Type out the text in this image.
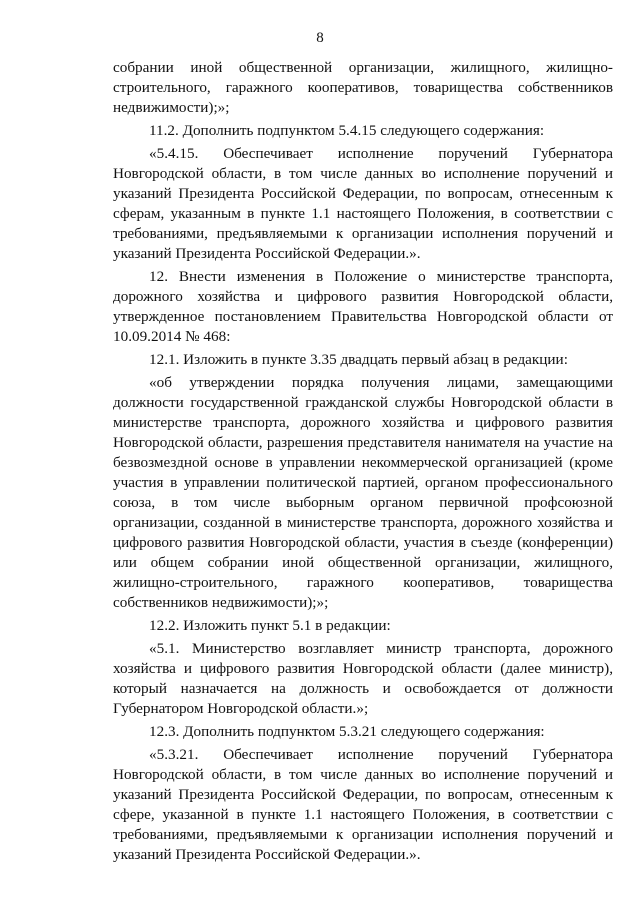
8

собрании иной общественной организации, жилищного, жилищно-строительного, гаражного кооперативов, товарищества собственников недвижимости);»;

11.2. Дополнить подпунктом 5.4.15 следующего содержания:

«5.4.15. Обеспечивает исполнение поручений Губернатора Новгородской области, в том числе данных во исполнение поручений и указаний Президента Российской Федерации, по вопросам, отнесенным к сферам, указанным в пункте 1.1 настоящего Положения, в соответствии с требованиями, предъявляемыми к организации исполнения поручений и указаний Президента Российской Федерации.».

12. Внести изменения в Положение о министерстве транспорта, дорожного хозяйства и цифрового развития Новгородской области, утвержденное постановлением Правительства Новгородской области от 10.09.2014 № 468:

12.1. Изложить в пункте 3.35 двадцать первый абзац в редакции:

«об утверждении порядка получения лицами, замещающими должности государственной гражданской службы Новгородской области в министерстве транспорта, дорожного хозяйства и цифрового развития Новгородской области, разрешения представителя нанимателя на участие на безвозмездной основе в управлении некоммерческой организацией (кроме участия в управлении политической партией, органом профессионального союза, в том числе выборным органом первичной профсоюзной организации, созданной в министерстве транспорта, дорожного хозяйства и цифрового развития Новгородской области, участия в съезде (конференции) или общем собрании иной общественной организации, жилищного, жилищно-строительного, гаражного кооперативов, товарищества собственников недвижимости);»;

12.2. Изложить пункт 5.1 в редакции:

«5.1. Министерство возглавляет министр транспорта, дорожного хозяйства и цифрового развития Новгородской области (далее министр), который назначается на должность и освобождается от должности Губернатором Новгородской области.»;

12.3. Дополнить подпунктом 5.3.21 следующего содержания:

«5.3.21. Обеспечивает исполнение поручений Губернатора Новгородской области, в том числе данных во исполнение поручений и указаний Президента Российской Федерации, по вопросам, отнесенным к сфере, указанной в пункте 1.1 настоящего Положения, в соответствии с требованиями, предъявляемыми к организации исполнения поручений и указаний Президента Российской Федерации.».
